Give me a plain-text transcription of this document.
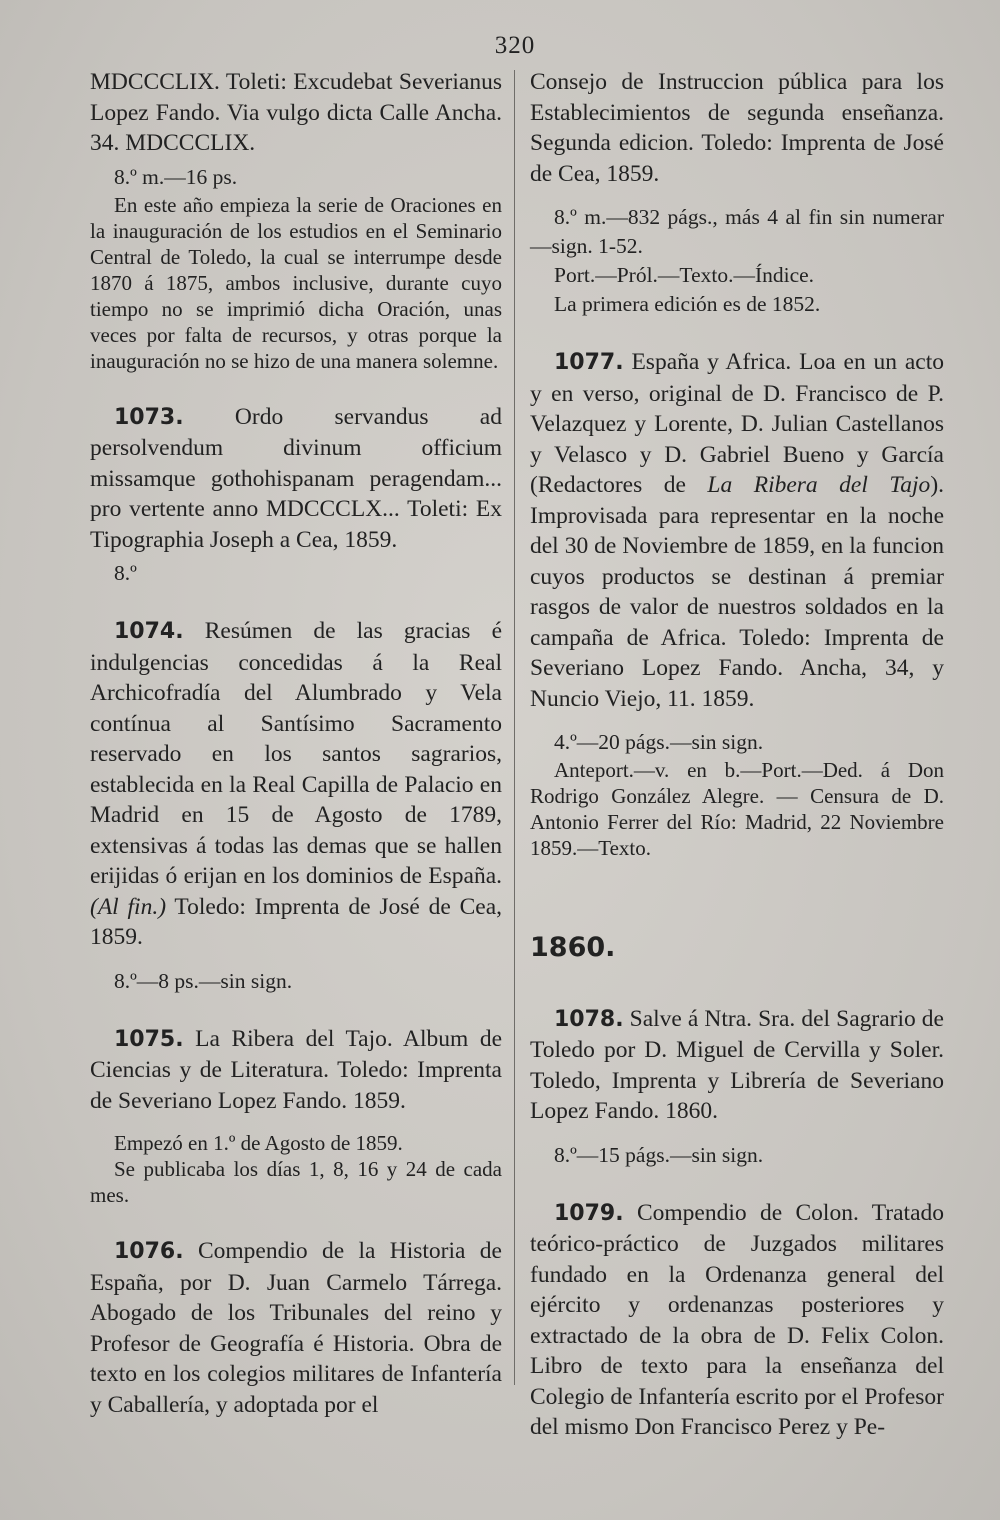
320

MDCCCLIX. Toleti: Excudebat Severianus Lopez Fando. Via vulgo dicta Calle Ancha. 34. MDCCCLIX.

8.º m.—16 ps.

En este año empieza la serie de Oraciones en la inauguración de los estudios en el Seminario Central de Toledo, la cual se interrumpe desde 1870 á 1875, ambos inclusive, durante cuyo tiempo no se imprimió dicha Oración, unas veces por falta de recursos, y otras porque la inauguración no se hizo de una manera solemne.

1073. Ordo servandus ad persolvendum divinum officium missamque gothohispanam peragendam... pro vertente anno MDCCCLX... Toleti: Ex Tipographia Joseph a Cea, 1859.

8.º

1074. Resúmen de las gracias é indulgencias concedidas á la Real Archicofradía del Alumbrado y Vela contínua al Santísimo Sacramento reservado en los santos sagrarios, establecida en la Real Capilla de Palacio en Madrid en 15 de Agosto de 1789, extensivas á todas las demas que se hallen erijidas ó erijan en los dominios de España. (Al fin.) Toledo: Imprenta de José de Cea, 1859.

8.º—8 ps.—sin sign.

1075. La Ribera del Tajo. Album de Ciencias y de Literatura. Toledo: Imprenta de Severiano Lopez Fando. 1859.

Empezó en 1.º de Agosto de 1859.

Se publicaba los días 1, 8, 16 y 24 de cada mes.

1076. Compendio de la Historia de España, por D. Juan Carmelo Tárrega. Abogado de los Tribunales del reino y Profesor de Geografía é Historia. Obra de texto en los colegios militares de Infantería y Caballería, y adoptada por el

Consejo de Instruccion pública para los Establecimientos de segunda enseñanza. Segunda edicion. Toledo: Imprenta de José de Cea, 1859.

8.º m.—832 págs., más 4 al fin sin numerar—sign. 1-52.

Port.—Pról.—Texto.—Índice.

La primera edición es de 1852.

1077. España y Africa. Loa en un acto y en verso, original de D. Francisco de P. Velazquez y Lorente, D. Julian Castellanos y Velasco y D. Gabriel Bueno y García (Redactores de La Ribera del Tajo). Improvisada para representar en la noche del 30 de Noviembre de 1859, en la funcion cuyos productos se destinan á premiar rasgos de valor de nuestros soldados en la campaña de Africa. Toledo: Imprenta de Severiano Lopez Fando. Ancha, 34, y Nuncio Viejo, 11. 1859.

4.º—20 págs.—sin sign.

Anteport.—v. en b.—Port.—Ded. á Don Rodrigo González Alegre. — Censura de D. Antonio Ferrer del Río: Madrid, 22 Noviembre 1859.—Texto.

1860.

1078. Salve á Ntra. Sra. del Sagrario de Toledo por D. Miguel de Cervilla y Soler. Toledo, Imprenta y Librería de Severiano Lopez Fando. 1860.

8.º—15 págs.—sin sign.

1079. Compendio de Colon. Tratado teórico-práctico de Juzgados militares fundado en la Ordenanza general del ejército y ordenanzas posteriores y extractado de la obra de D. Felix Colon. Libro de texto para la enseñanza del Colegio de Infantería escrito por el Profesor del mismo Don Francisco Perez y Pe-
